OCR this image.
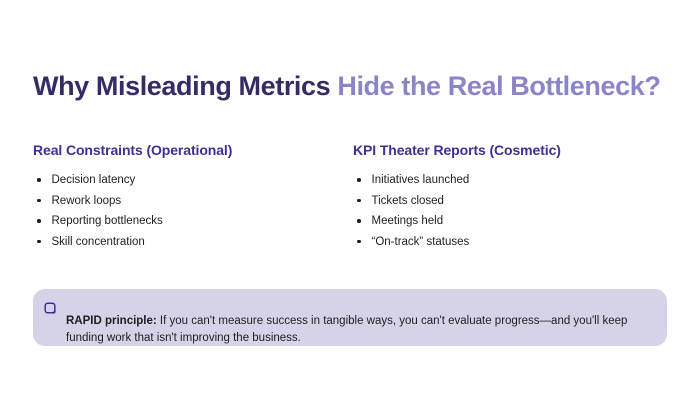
Why Misleading Metrics Hide the Real Bottleneck?
Real Constraints (Operational)
Decision latency
Rework loops
Reporting bottlenecks
Skill concentration
KPI Theater Reports (Cosmetic)
Initiatives launched
Tickets closed
Meetings held
“On-track” statuses

RAPID principle: If you can't measure success in tangible ways, you can't evaluate progress—and you'll keep funding work that isn't improving the business.
